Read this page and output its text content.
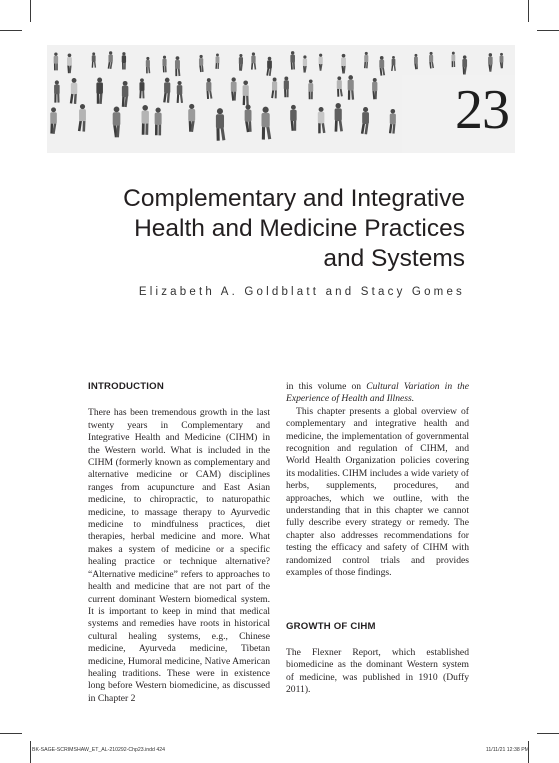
23
Complementary and Integrative
Health and Medicine Practices
and Systems
Elizabeth A. Goldblatt and Stacy Gomes
INTRODUCTION

There has been tremendous growth in the last twenty years in Complementary and Integrative Health and Medicine (CIHM) in the Western world. What is included in the CIHM (formerly known as complementary and alternative medicine or CAM) disciplines ranges from acupuncture and East Asian medicine, to chiropractic, to naturopathic medicine, to massage therapy to Ayurvedic medicine to mindfulness practices, diet therapies, herbal medicine and more. What makes a system of medicine or a specific healing practice or technique alternative? “Alternative medicine” refers to approaches to health and medicine that are not part of the current dominant Western biomedical system. It is important to keep in mind that medical systems and remedies have roots in historical cultural healing systems, e.g., Chinese medicine, Ayurveda medicine, Tibetan medicine, Humoral medicine, Native American healing traditions. These were in existence long before Western biomedicine, as discussed in Chapter 2

in this volume on Cultural Variation in the Experience of Health and Illness.

This chapter presents a global overview of complementary and integrative health and medicine, the implementation of governmental recognition and regulation of CIHM, and World Health Organization policies covering its modalities. CIHM includes a wide variety of herbs, supplements, procedures, and approaches, which we outline, with the understanding that in this chapter we cannot fully describe every strategy or remedy. The chapter also addresses recommendations for testing the efficacy and safety of CIHM with randomized control trials and provides examples of those findings.

GROWTH OF CIHM

The Flexner Report, which established biomedicine as the dominant Western system of medicine, was published in 1910 (Duffy 2011).

BK-SAGE-SCRIMSHAW_ET_AL-210292-Chp23.indd 424	11/11/21 12:38 PM
